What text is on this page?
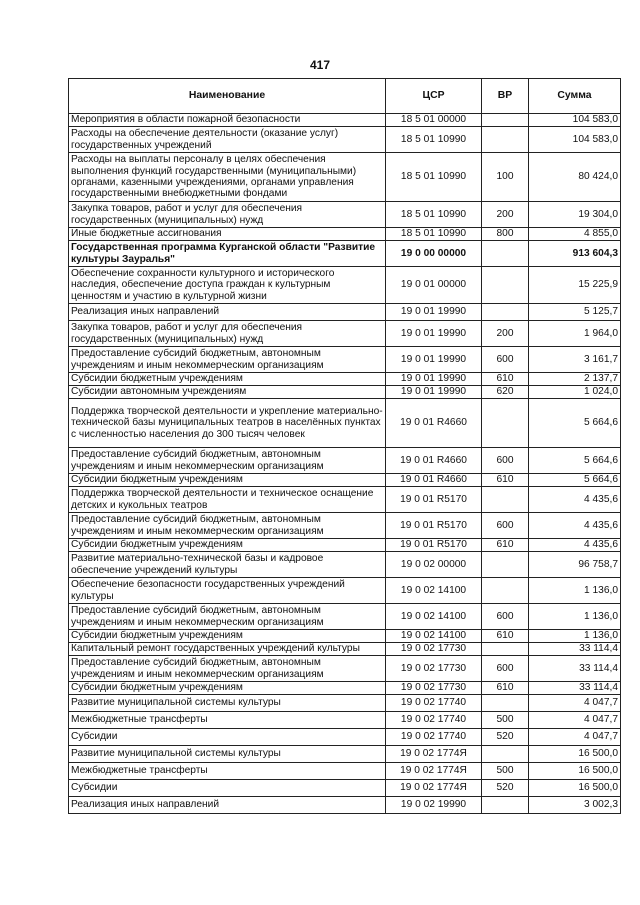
417
Наименование	ЦСР	ВР	Сумма
Мероприятия в области пожарной безопасности	18 5 01 00000		104 583,0
Расходы на обеспечение деятельности (оказание услуг) государственных учреждений	18 5 01 10990		104 583,0
Расходы на выплаты персоналу в целях обеспечения выполнения функций государственными (муниципальными) органами, казенными учреждениями, органами управления государственными внебюджетными фондами	18 5 01 10990	100	80 424,0
Закупка товаров, работ и услуг для обеспечения государственных (муниципальных) нужд	18 5 01 10990	200	19 304,0
Иные бюджетные ассигнования	18 5 01 10990	800	4 855,0
Государственная программа Курганской области "Развитие культуры Зауралья"	19 0 00 00000		913 604,3
Обеспечение сохранности культурного и исторического наследия, обеспечение доступа граждан к культурным ценностям и участию в культурной жизни	19 0 01 00000		15 225,9
Реализация иных направлений	19 0 01 19990		5 125,7
Закупка товаров, работ и услуг для обеспечения государственных (муниципальных) нужд	19 0 01 19990	200	1 964,0
Предоставление субсидий бюджетным, автономным учреждениям и иным некоммерческим организациям	19 0 01 19990	600	3 161,7
Субсидии бюджетным учреждениям	19 0 01 19990	610	2 137,7
Субсидии автономным учреждениям	19 0 01 19990	620	1 024,0
Поддержка творческой деятельности и укрепление материально-технической базы муниципальных театров в населённых пунктах с численностью населения до 300 тысяч человек	19 0 01 R4660		5 664,6
Предоставление субсидий бюджетным, автономным учреждениям и иным некоммерческим организациям	19 0 01 R4660	600	5 664,6
Субсидии бюджетным учреждениям	19 0 01 R4660	610	5 664,6
Поддержка творческой деятельности и техническое оснащение детских и кукольных театров	19 0 01 R5170		4 435,6
Предоставление субсидий бюджетным, автономным учреждениям и иным некоммерческим организациям	19 0 01 R5170	600	4 435,6
Субсидии бюджетным учреждениям	19 0 01 R5170	610	4 435,6
Развитие материально-технической базы и кадровое обеспечение учреждений культуры	19 0 02 00000		96 758,7
Обеспечение безопасности государственных учреждений культуры	19 0 02 14100		1 136,0
Предоставление субсидий бюджетным, автономным учреждениям и иным некоммерческим организациям	19 0 02 14100	600	1 136,0
Субсидии бюджетным учреждениям	19 0 02 14100	610	1 136,0
Капитальный ремонт государственных учреждений культуры	19 0 02 17730		33 114,4
Предоставление субсидий бюджетным, автономным учреждениям и иным некоммерческим организациям	19 0 02 17730	600	33 114,4
Субсидии бюджетным учреждениям	19 0 02 17730	610	33 114,4
Развитие муниципальной системы культуры	19 0 02 17740		4 047,7
Межбюджетные трансферты	19 0 02 17740	500	4 047,7
Субсидии	19 0 02 17740	520	4 047,7
Развитие муниципальной системы культуры	19 0 02 1774Я		16 500,0
Межбюджетные трансферты	19 0 02 1774Я	500	16 500,0
Субсидии	19 0 02 1774Я	520	16 500,0
Реализация иных направлений	19 0 02 19990		3 002,3
